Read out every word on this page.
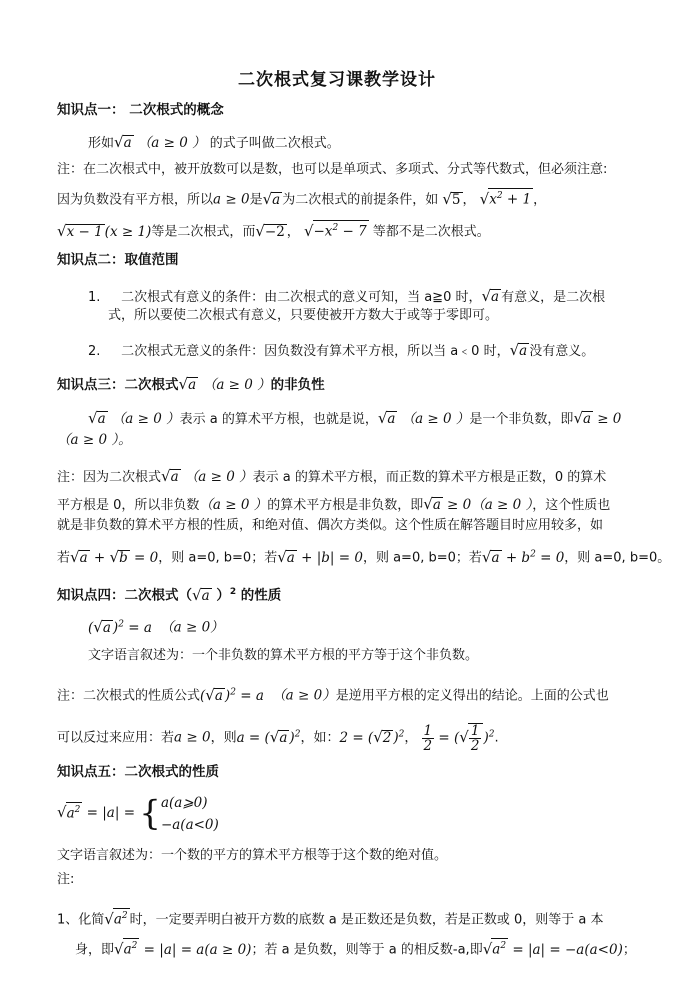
二次根式复习课教学设计
知识点一： 二次根式的概念
形如√a （a ≥ 0 ） 的式子叫做二次根式。
注：在二次根式中，被开放数可以是数，也可以是单项式、多项式、分式等代数式，但必须注意:
因为负数没有平方根，所以a ≥ 0是√a 为二次根式的前提条件，如 √5 ， $√x^2 + 1$ ，
√x − 1 (x ≥ 1)等是二次根式，而√−2 ， $√-x^2 - 7$ 等都不是二次根式。
知识点二：取值范围
1. 二次根式有意义的条件：由二次根式的意义可知，当 a≧0 时，√a 有意义，是二次根
式，所以要使二次根式有意义，只要使被开方数大于或等于零即可。
2. 二次根式无意义的条件：因负数没有算术平方根，所以当 a﹤0 时，√a 没有意义。
知识点三：二次根式√a （a ≥ 0 ）的非负性
√a （a ≥ 0 ）表示 a 的算术平方根，也就是说，√a （a ≥ 0 ）是一个非负数，即√a ≥ 0
（a ≥ 0 ）。
注：因为二次根式√a （a ≥ 0 ）表示 a 的算术平方根，而正数的算术平方根是正数，0 的算术
平方根是 0，所以非负数（a ≥ 0 ）的算术平方根是非负数，即√a ≥ 0（a ≥ 0 ），这个性质也
就是非负数的算术平方根的性质，和绝对值、偶次方类似。这个性质在解答题目时应用较多，如
若√a + √b = 0，则 a=0, b=0；若√a + |b| = 0，则 a=0, b=0；若$√a + b^2 = 0$，则 a=0, b=0。
知识点四：二次根式（√a ）$^2$ 的性质
(√a )$^2$ = a （a ≥ 0）
文字语言叙述为：一个非负数的算术平方根的平方等于这个非负数。
注：二次根式的性质公式(√a )$^2$ = a （a ≥ 0）是逆用平方根的定义得出的结论。上面的公式也
可以反过来应用：若a ≥ 0，则a = (√a )$^2$，如：2 = (√2 )$^2$， $\frac{1}{2}$ = (√ $\frac{1}{2} )^2$.
知识点五：二次根式的性质
$√a^2 = |a|$ = { a(a⩾0)
−a(a<0)
文字语言叙述为：一个数的平方的算术平方根等于这个数的绝对值。
注:
1、化简$√a^2$ 时，一定要弄明白被开方数的底数 a 是正数还是负数，若是正数或 0，则等于 a 本
身，即$√a^2 = |a| = a(a \ge 0)$；若 a 是负数，则等于 a 的相反数-a,即$√a^2 = |a| = -a(a<0)$；
